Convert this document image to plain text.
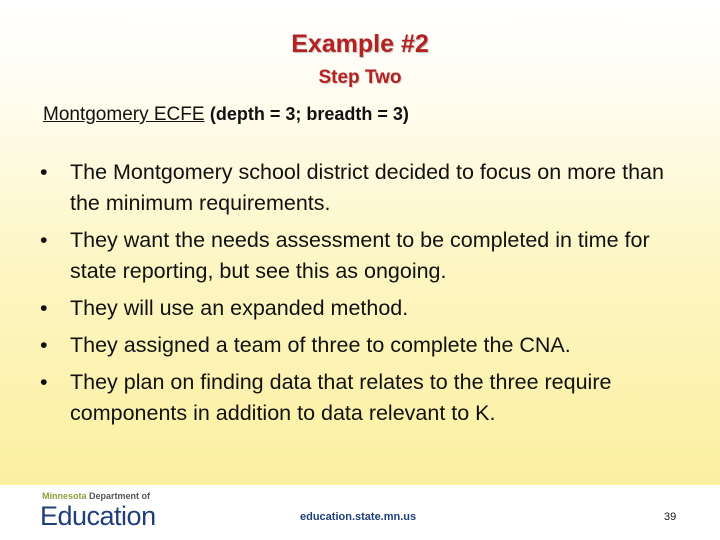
Example #2
Step Two
Montgomery ECFE (depth = 3; breadth = 3)
• The Montgomery school district decided to focus on more than the minimum requirements.
• They want the needs assessment to be completed in time for state reporting, but see this as ongoing.
• They will use an expanded method.
• They assigned a team of three to complete the CNA.
• They plan on finding data that relates to the three require components in addition to data relevant to K.
Minnesota Department of
Education	education.state.mn.us	39
